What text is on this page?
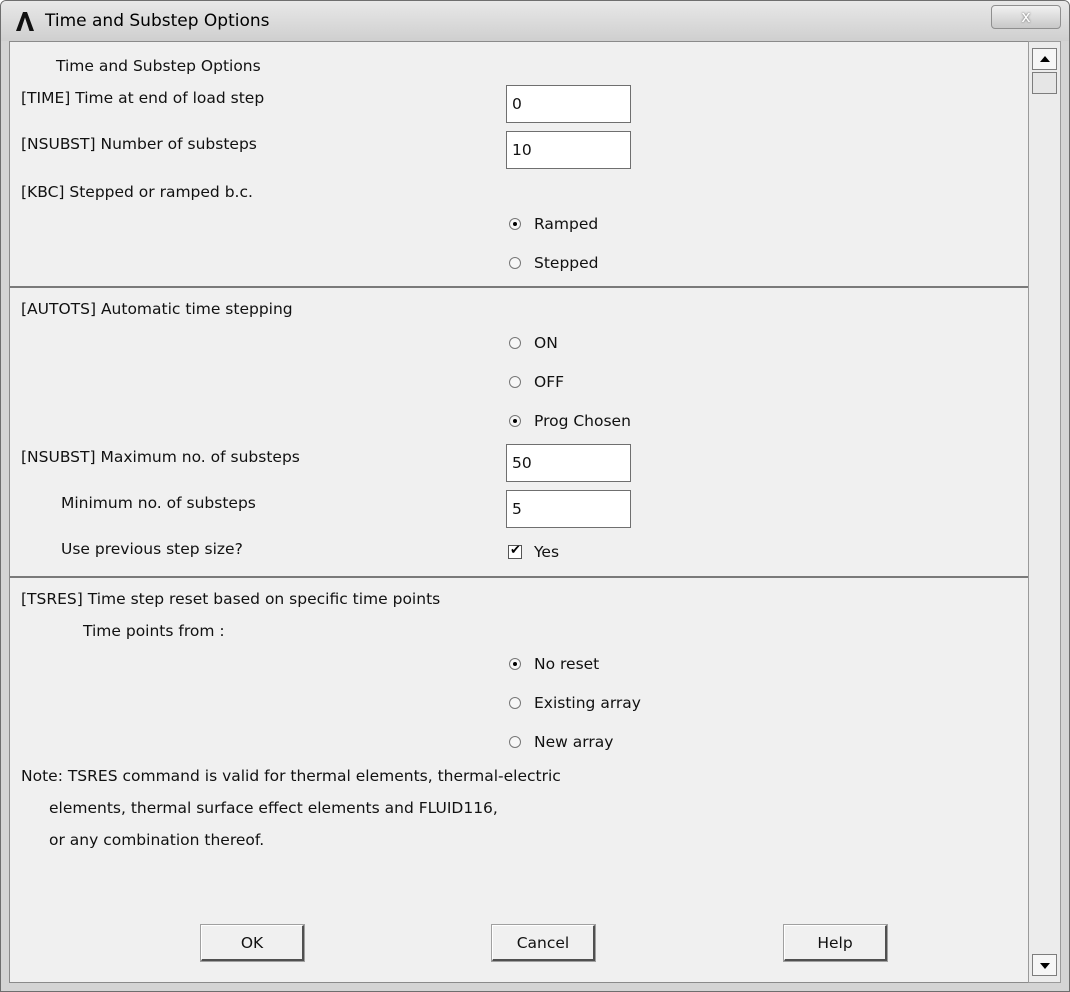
Time and Substep Options	x
Time and Substep Options
[TIME] Time at end of load step	0
[NSUBST] Number of substeps	10
[KBC] Stepped or ramped b.c.
Ramped
Stepped
[AUTOTS] Automatic time stepping
ON
OFF
Prog Chosen
[NSUBST] Maximum no. of substeps	50
Minimum no. of substeps	5
Use previous step size?	✔ Yes
[TSRES] Time step reset based on specific time points
Time points from :
No reset
Existing array
New array
Note: TSRES command is valid for thermal elements, thermal-electric
elements, thermal surface effect elements and FLUID116,
or any combination thereof.
OK	Cancel	Help
